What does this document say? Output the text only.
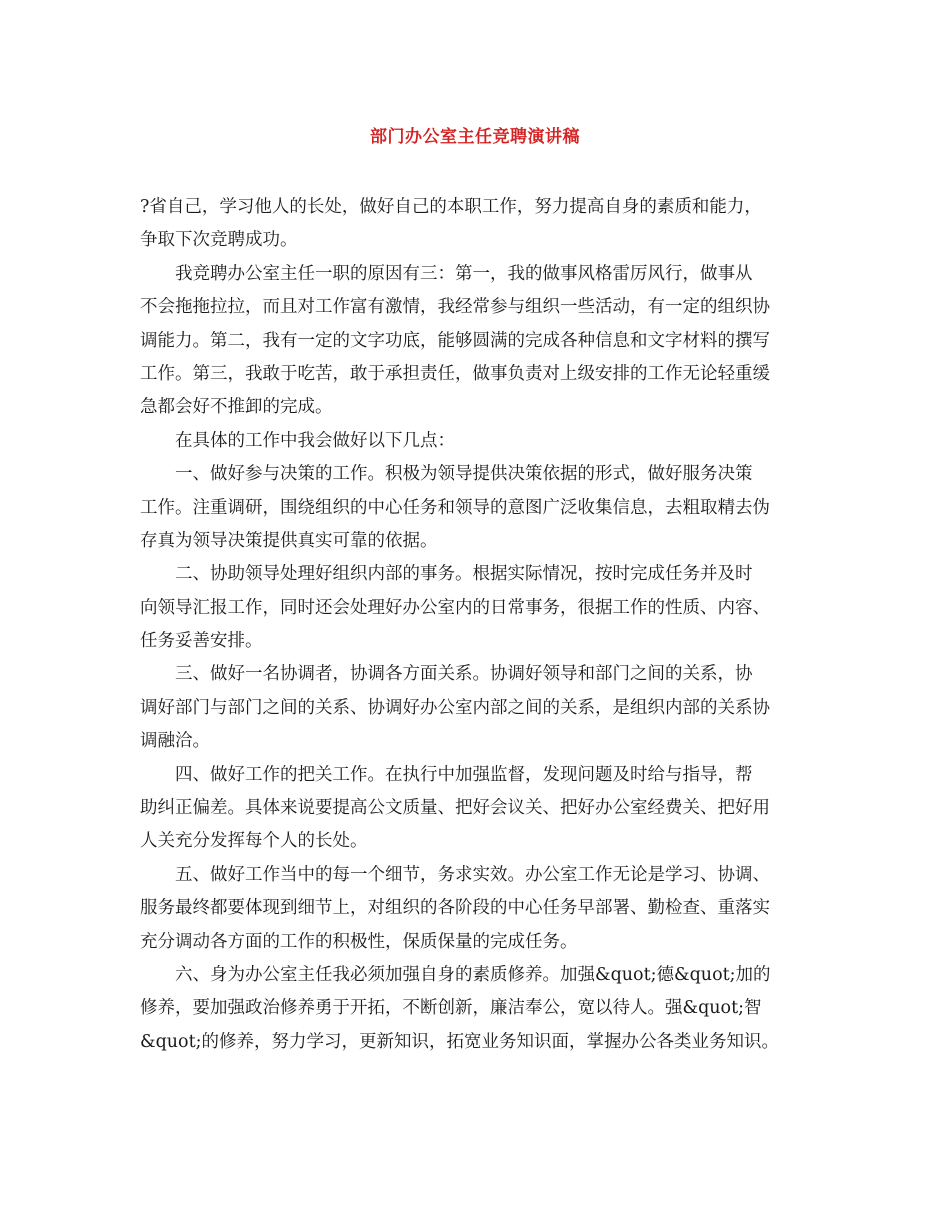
部门办公室主任竞聘演讲稿
?省自己，学习他人的长处，做好自己的本职工作，努力提高自身的素质和能力，
争取下次竞聘成功。
我竞聘办公室主任一职的原因有三：第一，我的做事风格雷厉风行，做事从
不会拖拖拉拉，而且对工作富有激情，我经常参与组织一些活动，有一定的组织协
调能力。第二，我有一定的文字功底，能够圆满的完成各种信息和文字材料的撰写
工作。第三，我敢于吃苦，敢于承担责任，做事负责对上级安排的工作无论轻重缓
急都会好不推卸的完成。
在具体的工作中我会做好以下几点：
一、做好参与决策的工作。积极为领导提供决策依据的形式，做好服务决策
工作。注重调研，围绕组织的中心任务和领导的意图广泛收集信息，去粗取精去伪
存真为领导决策提供真实可靠的依据。
二、协助领导处理好组织内部的事务。根据实际情况，按时完成任务并及时
向领导汇报工作，同时还会处理好办公室内的日常事务，很据工作的性质、内容、
任务妥善安排。
三、做好一名协调者，协调各方面关系。协调好领导和部门之间的关系，协
调好部门与部门之间的关系、协调好办公室内部之间的关系，是组织内部的关系协
调融洽。
四、做好工作的把关工作。在执行中加强监督，发现问题及时给与指导，帮
助纠正偏差。具体来说要提高公文质量、把好会议关、把好办公室经费关、把好用
人关充分发挥每个人的长处。
五、做好工作当中的每一个细节，务求实效。办公室工作无论是学习、协调、
服务最终都要体现到细节上，对组织的各阶段的中心任务早部署、勤检查、重落实
充分调动各方面的工作的积极性，保质保量的完成任务。
六、身为办公室主任我必须加强自身的素质修养。加强&quot;德&quot;加的
修养，要加强政治修养勇于开拓，不断创新，廉洁奉公，宽以待人。强&quot;智
&quot;的修养，努力学习，更新知识，拓宽业务知识面，掌握办公各类业务知识。
